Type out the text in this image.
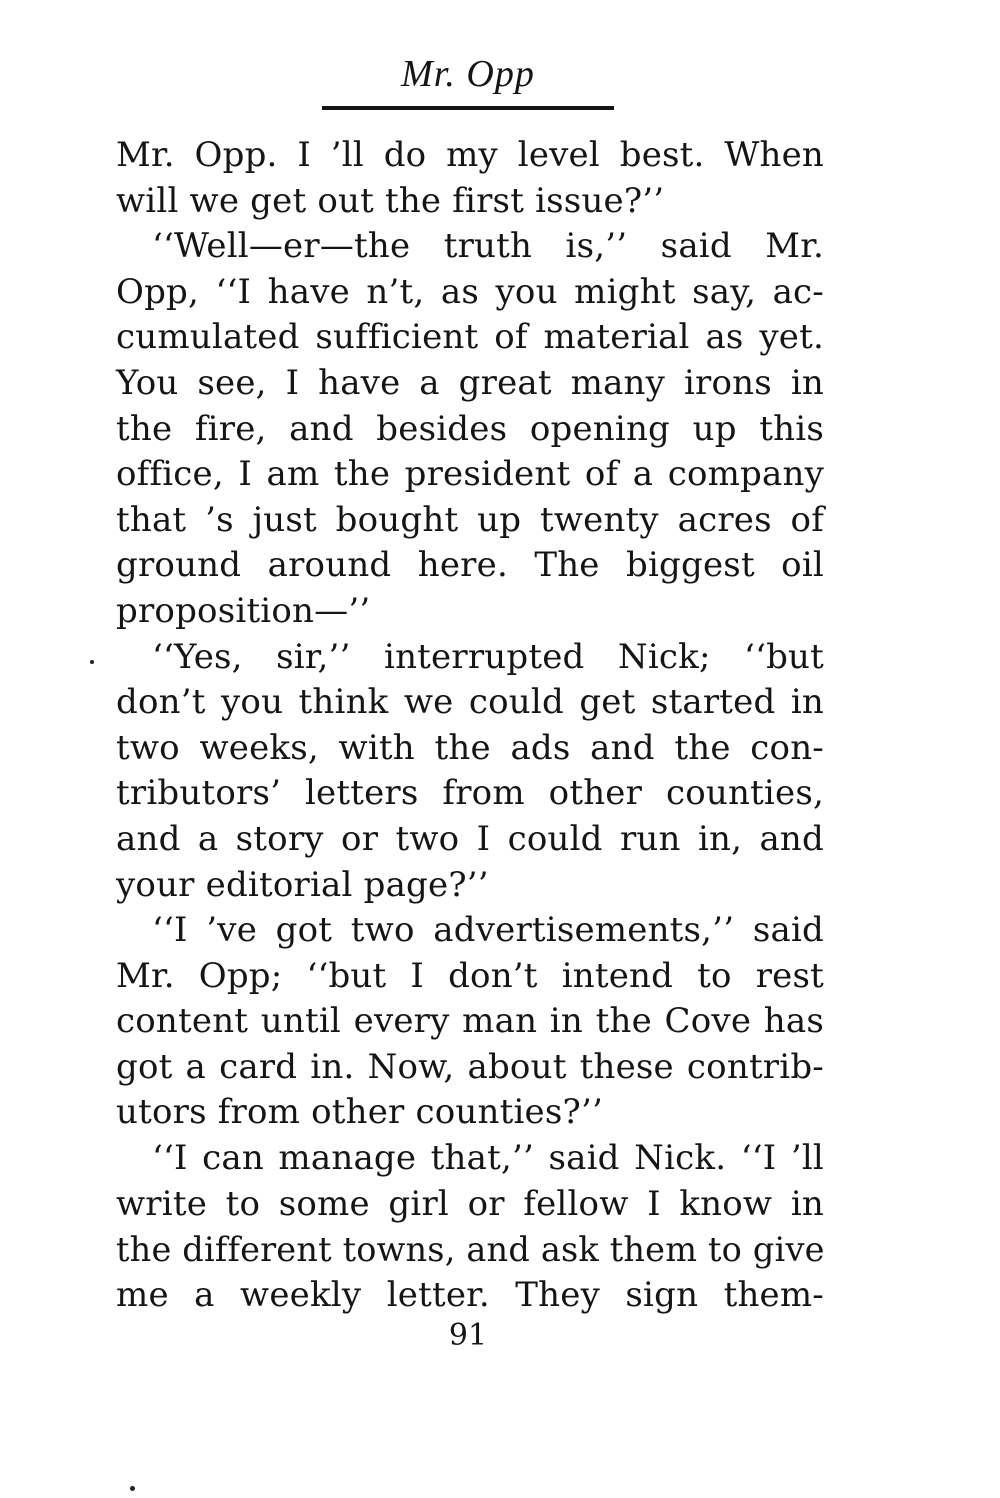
Mr. Opp
Mr. Opp. I ’ll do my level best. When
will we get out the first issue?’’
‘‘Well—er—the truth is,’’ said Mr.
Opp, ‘‘I have n’t, as you might say, ac-
cumulated sufficient of material as yet.
You see, I have a great many irons in
the fire, and besides opening up this
office, I am the president of a company
that ’s just bought up twenty acres of
ground around here. The biggest oil
proposition—’’
‘‘Yes, sir,’’ interrupted Nick; ‘‘but
don’t you think we could get started in
two weeks, with the ads and the con-
tributors’ letters from other counties,
and a story or two I could run in, and
your editorial page?’’
‘‘I ’ve got two advertisements,’’ said
Mr. Opp; ‘‘but I don’t intend to rest
content until every man in the Cove has
got a card in. Now, about these contrib-
utors from other counties?’’
‘‘I can manage that,’’ said Nick. ‘‘I ’ll
write to some girl or fellow I know in
the different towns, and ask them to give
me a weekly letter. They sign them-
91
